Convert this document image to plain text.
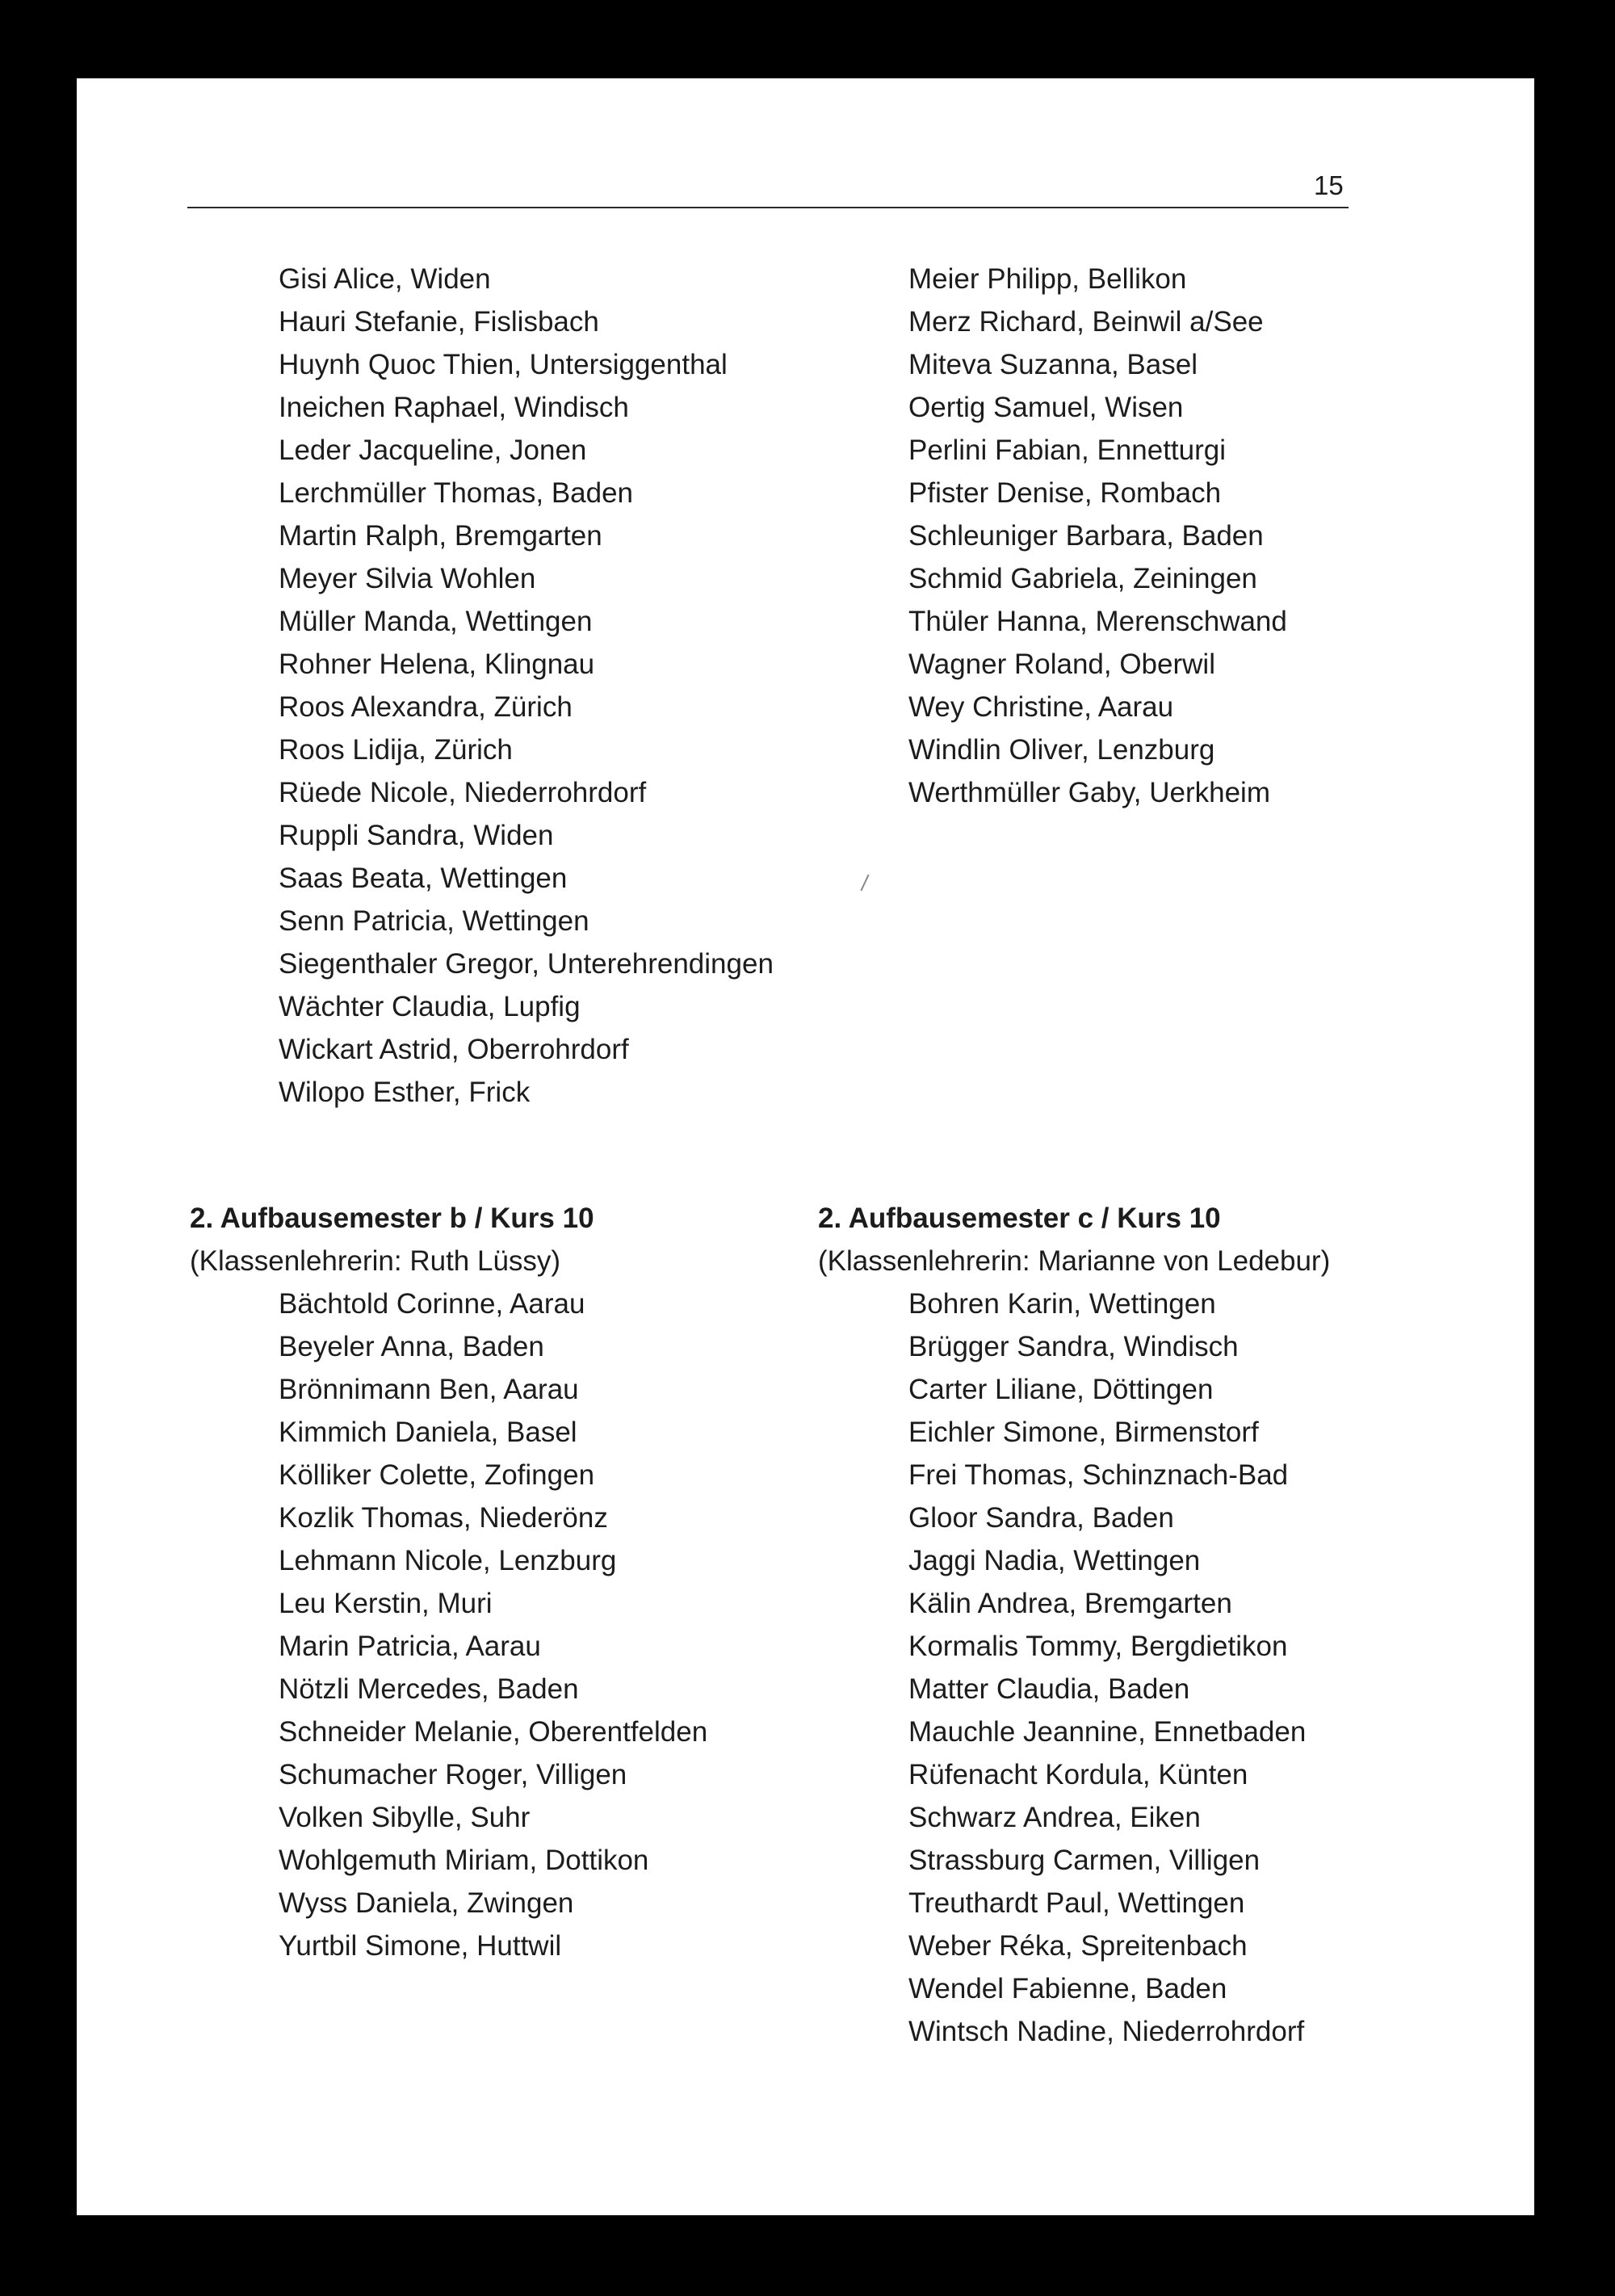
15
Gisi Alice, Widen
Hauri Stefanie, Fislisbach
Huynh Quoc Thien, Untersiggenthal
Ineichen Raphael, Windisch
Leder Jacqueline, Jonen
Lerchmüller Thomas, Baden
Martin Ralph, Bremgarten
Meyer Silvia Wohlen
Müller Manda, Wettingen
Rohner Helena, Klingnau
Roos Alexandra, Zürich
Roos Lidija, Zürich
Rüede Nicole, Niederrohrdorf
Ruppli Sandra, Widen
Saas Beata, Wettingen
Senn Patricia, Wettingen
Siegenthaler Gregor, Unterehrendingen
Wächter Claudia, Lupfig
Wickart Astrid, Oberrohrdorf
Wilopo Esther, Frick
Meier Philipp, Bellikon
Merz Richard, Beinwil a/See
Miteva Suzanna, Basel
Oertig Samuel, Wisen
Perlini Fabian, Ennetturgi
Pfister Denise, Rombach
Schleuniger Barbara, Baden
Schmid Gabriela, Zeiningen
Thüler Hanna, Merenschwand
Wagner Roland, Oberwil
Wey Christine, Aarau
Windlin Oliver, Lenzburg
Werthmüller Gaby, Uerkheim
2. Aufbausemester b / Kurs 10
(Klassenlehrerin: Ruth Lüssy)
Bächtold Corinne, Aarau
Beyeler Anna, Baden
Brönnimann Ben, Aarau
Kimmich Daniela, Basel
Kölliker Colette, Zofingen
Kozlik Thomas, Niederönz
Lehmann Nicole, Lenzburg
Leu Kerstin, Muri
Marin Patricia, Aarau
Nötzli Mercedes, Baden
Schneider Melanie, Oberentfelden
Schumacher Roger, Villigen
Volken Sibylle, Suhr
Wohlgemuth Miriam, Dottikon
Wyss Daniela, Zwingen
Yurtbil Simone, Huttwil
2. Aufbausemester c / Kurs 10
(Klassenlehrerin: Marianne von Ledebur)
Bohren Karin, Wettingen
Brügger Sandra, Windisch
Carter Liliane, Döttingen
Eichler Simone, Birmenstorf
Frei Thomas, Schinznach-Bad
Gloor Sandra, Baden
Jaggi Nadia, Wettingen
Kälin Andrea, Bremgarten
Kormalis Tommy, Bergdietikon
Matter Claudia, Baden
Mauchle Jeannine, Ennetbaden
Rüfenacht Kordula, Künten
Schwarz Andrea, Eiken
Strassburg Carmen, Villigen
Treuthardt Paul, Wettingen
Weber Réka, Spreitenbach
Wendel Fabienne, Baden
Wintsch Nadine, Niederrohrdorf
